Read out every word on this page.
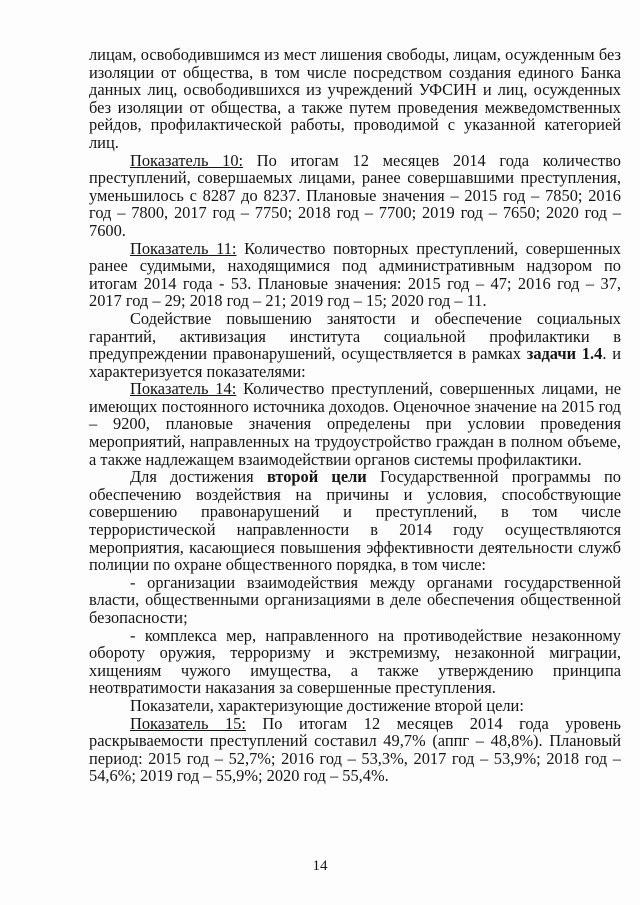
лицам, освободившимся из мест лишения свободы, лицам, осужденным без изоляции от общества, в том числе посредством создания единого Банка данных лиц, освободившихся из учреждений УФСИН и лиц, осужденных без изоляции от общества, а также путем проведения межведомственных рейдов, профилактической работы, проводимой с указанной категорией лиц.

Показатель 10: По итогам 12 месяцев 2014 года количество преступлений, совершаемых лицами, ранее совершавшими преступления, уменьшилось с 8287 до 8237. Плановые значения – 2015 год – 7850; 2016 год – 7800, 2017 год – 7750; 2018 год – 7700; 2019 год – 7650; 2020 год – 7600.

Показатель 11: Количество повторных преступлений, совершенных ранее судимыми, находящимися под административным надзором по итогам 2014 года - 53. Плановые значения: 2015 год – 47; 2016 год – 37, 2017 год – 29; 2018 год – 21; 2019 год – 15; 2020 год – 11.

Содействие повышению занятости и обеспечение социальных гарантий, активизация института социальной профилактики в предупреждении правонарушений, осуществляется в рамках задачи 1.4. и характеризуется показателями:

Показатель 14: Количество преступлений, совершенных лицами, не имеющих постоянного источника доходов. Оценочное значение на 2015 год – 9200, плановые значения определены при условии проведения мероприятий, направленных на трудоустройство граждан в полном объеме, а также надлежащем взаимодействии органов системы профилактики.

Для достижения второй цели Государственной программы по обеспечению воздействия на причины и условия, способствующие совершению правонарушений и преступлений, в том числе террористической направленности в 2014 году осуществляются мероприятия, касающиеся повышения эффективности деятельности служб полиции по охране общественного порядка, в том числе:

- организации взаимодействия между органами государственной власти, общественными организациями в деле обеспечения общественной безопасности;

- комплекса мер, направленного на противодействие незаконному обороту оружия, терроризму и экстремизму, незаконной миграции, хищениям чужого имущества, а также утверждению принципа неотвратимости наказания за совершенные преступления.

Показатели, характеризующие достижение второй цели:

Показатель 15: По итогам 12 месяцев 2014 года уровень раскрываемости преступлений составил 49,7% (аппг – 48,8%). Плановый период: 2015 год – 52,7%; 2016 год – 53,3%, 2017 год – 53,9%; 2018 год – 54,6%; 2019 год – 55,9%; 2020 год – 55,4%.

14
